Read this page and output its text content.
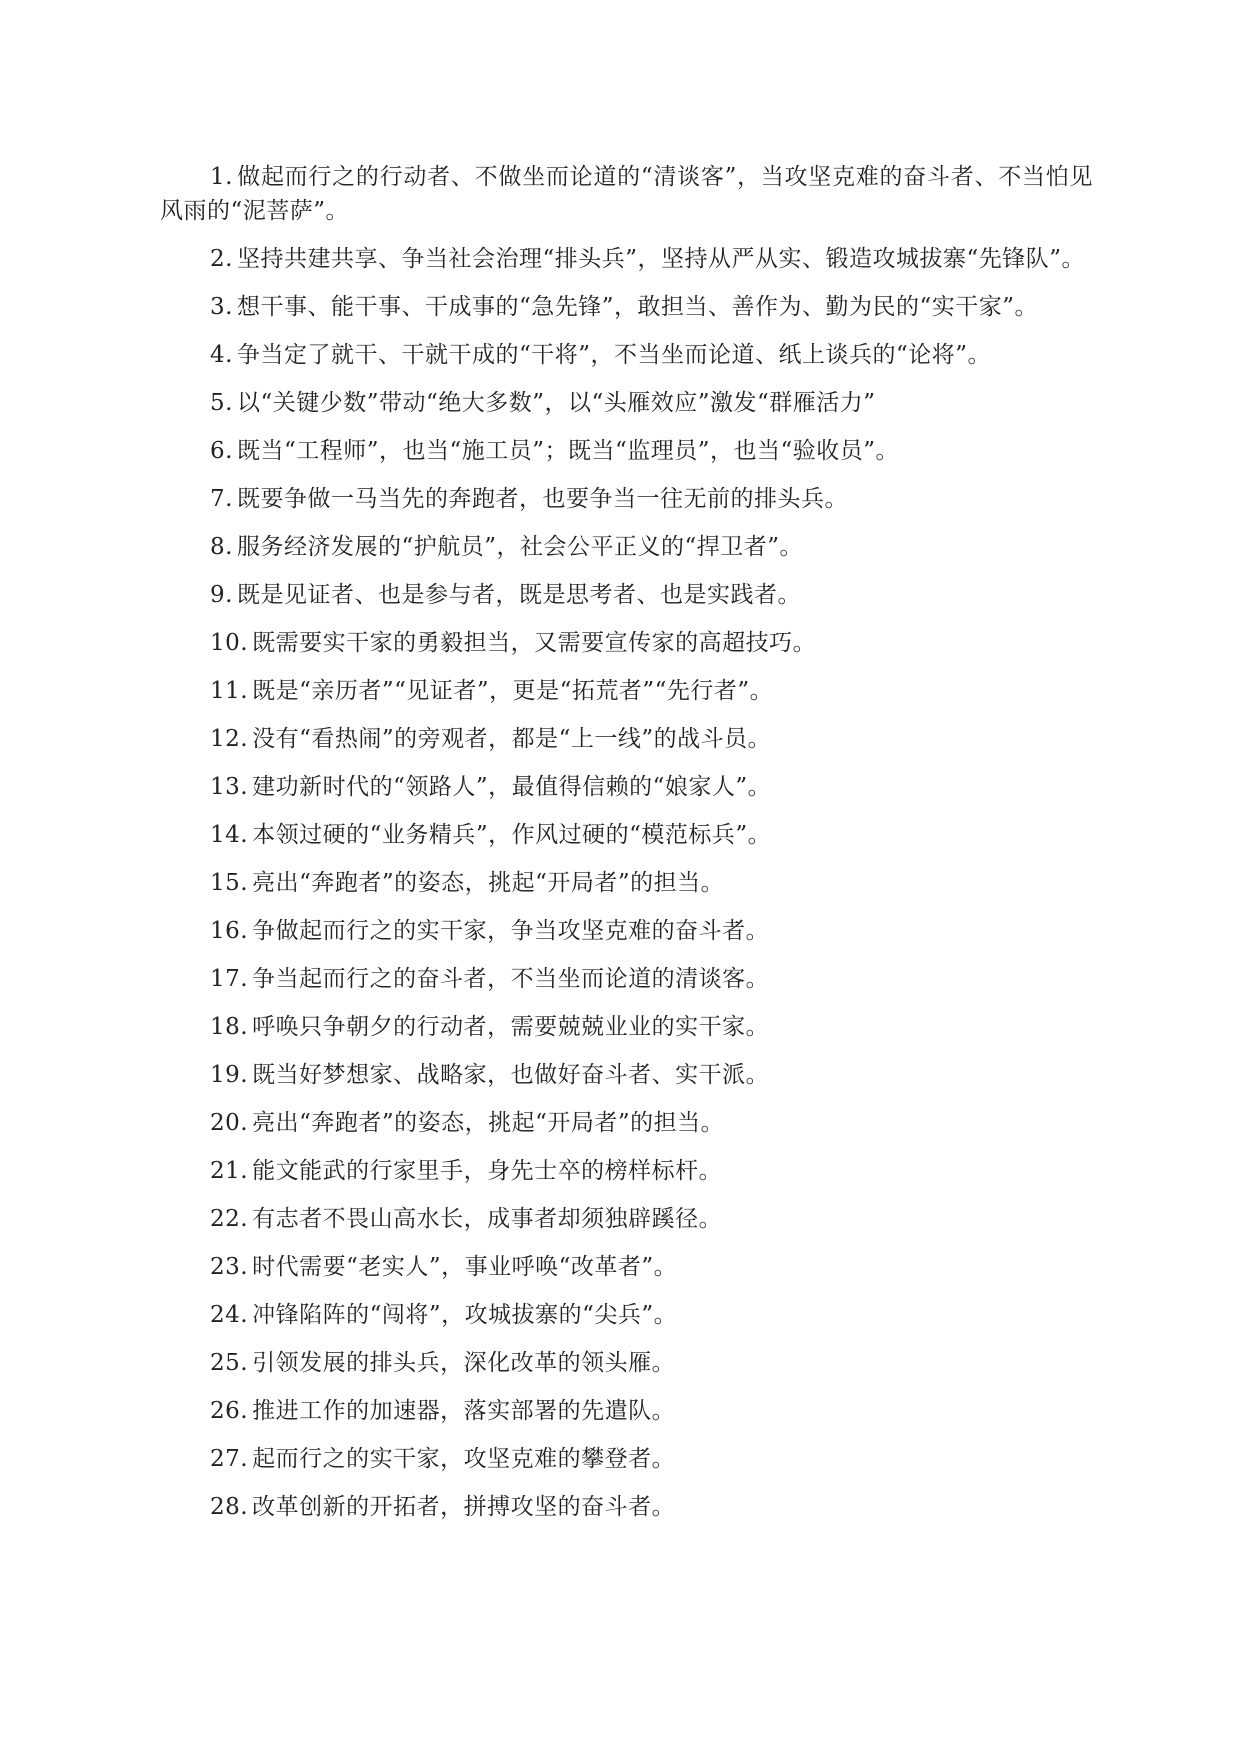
1. 做起而行之的行动者、不做坐而论道的“清谈客”，当攻坚克难的奋斗者、不当怕见风雨的“泥菩萨”。

2. 坚持共建共享、争当社会治理“排头兵”，坚持从严从实、锻造攻城拔寨“先锋队”。

3. 想干事、能干事、干成事的“急先锋”，敢担当、善作为、勤为民的“实干家”。

4. 争当定了就干、干就干成的“干将”，不当坐而论道、纸上谈兵的“论将”。

5. 以“关键少数”带动“绝大多数”，以“头雁效应”激发“群雁活力”

6. 既当“工程师”，也当“施工员”；既当“监理员”，也当“验收员”。

7. 既要争做一马当先的奔跑者，也要争当一往无前的排头兵。

8. 服务经济发展的“护航员”，社会公平正义的“捍卫者”。

9. 既是见证者、也是参与者，既是思考者、也是实践者。

10. 既需要实干家的勇毅担当，又需要宣传家的高超技巧。

11. 既是“亲历者”“见证者”，更是“拓荒者”“先行者”。

12. 没有“看热闹”的旁观者，都是“上一线”的战斗员。

13. 建功新时代的“领路人”，最值得信赖的“娘家人”。

14. 本领过硬的“业务精兵”，作风过硬的“模范标兵”。

15. 亮出“奔跑者”的姿态，挑起“开局者”的担当。

16. 争做起而行之的实干家，争当攻坚克难的奋斗者。

17. 争当起而行之的奋斗者，不当坐而论道的清谈客。

18. 呼唤只争朝夕的行动者，需要兢兢业业的实干家。

19. 既当好梦想家、战略家，也做好奋斗者、实干派。

20. 亮出“奔跑者”的姿态，挑起“开局者”的担当。

21. 能文能武的行家里手，身先士卒的榜样标杆。

22. 有志者不畏山高水长，成事者却须独辟蹊径。

23. 时代需要“老实人”，事业呼唤“改革者”。

24. 冲锋陷阵的“闯将”，攻城拔寨的“尖兵”。

25. 引领发展的排头兵，深化改革的领头雁。

26. 推进工作的加速器，落实部署的先遣队。

27. 起而行之的实干家，攻坚克难的攀登者。

28. 改革创新的开拓者，拼搏攻坚的奋斗者。
